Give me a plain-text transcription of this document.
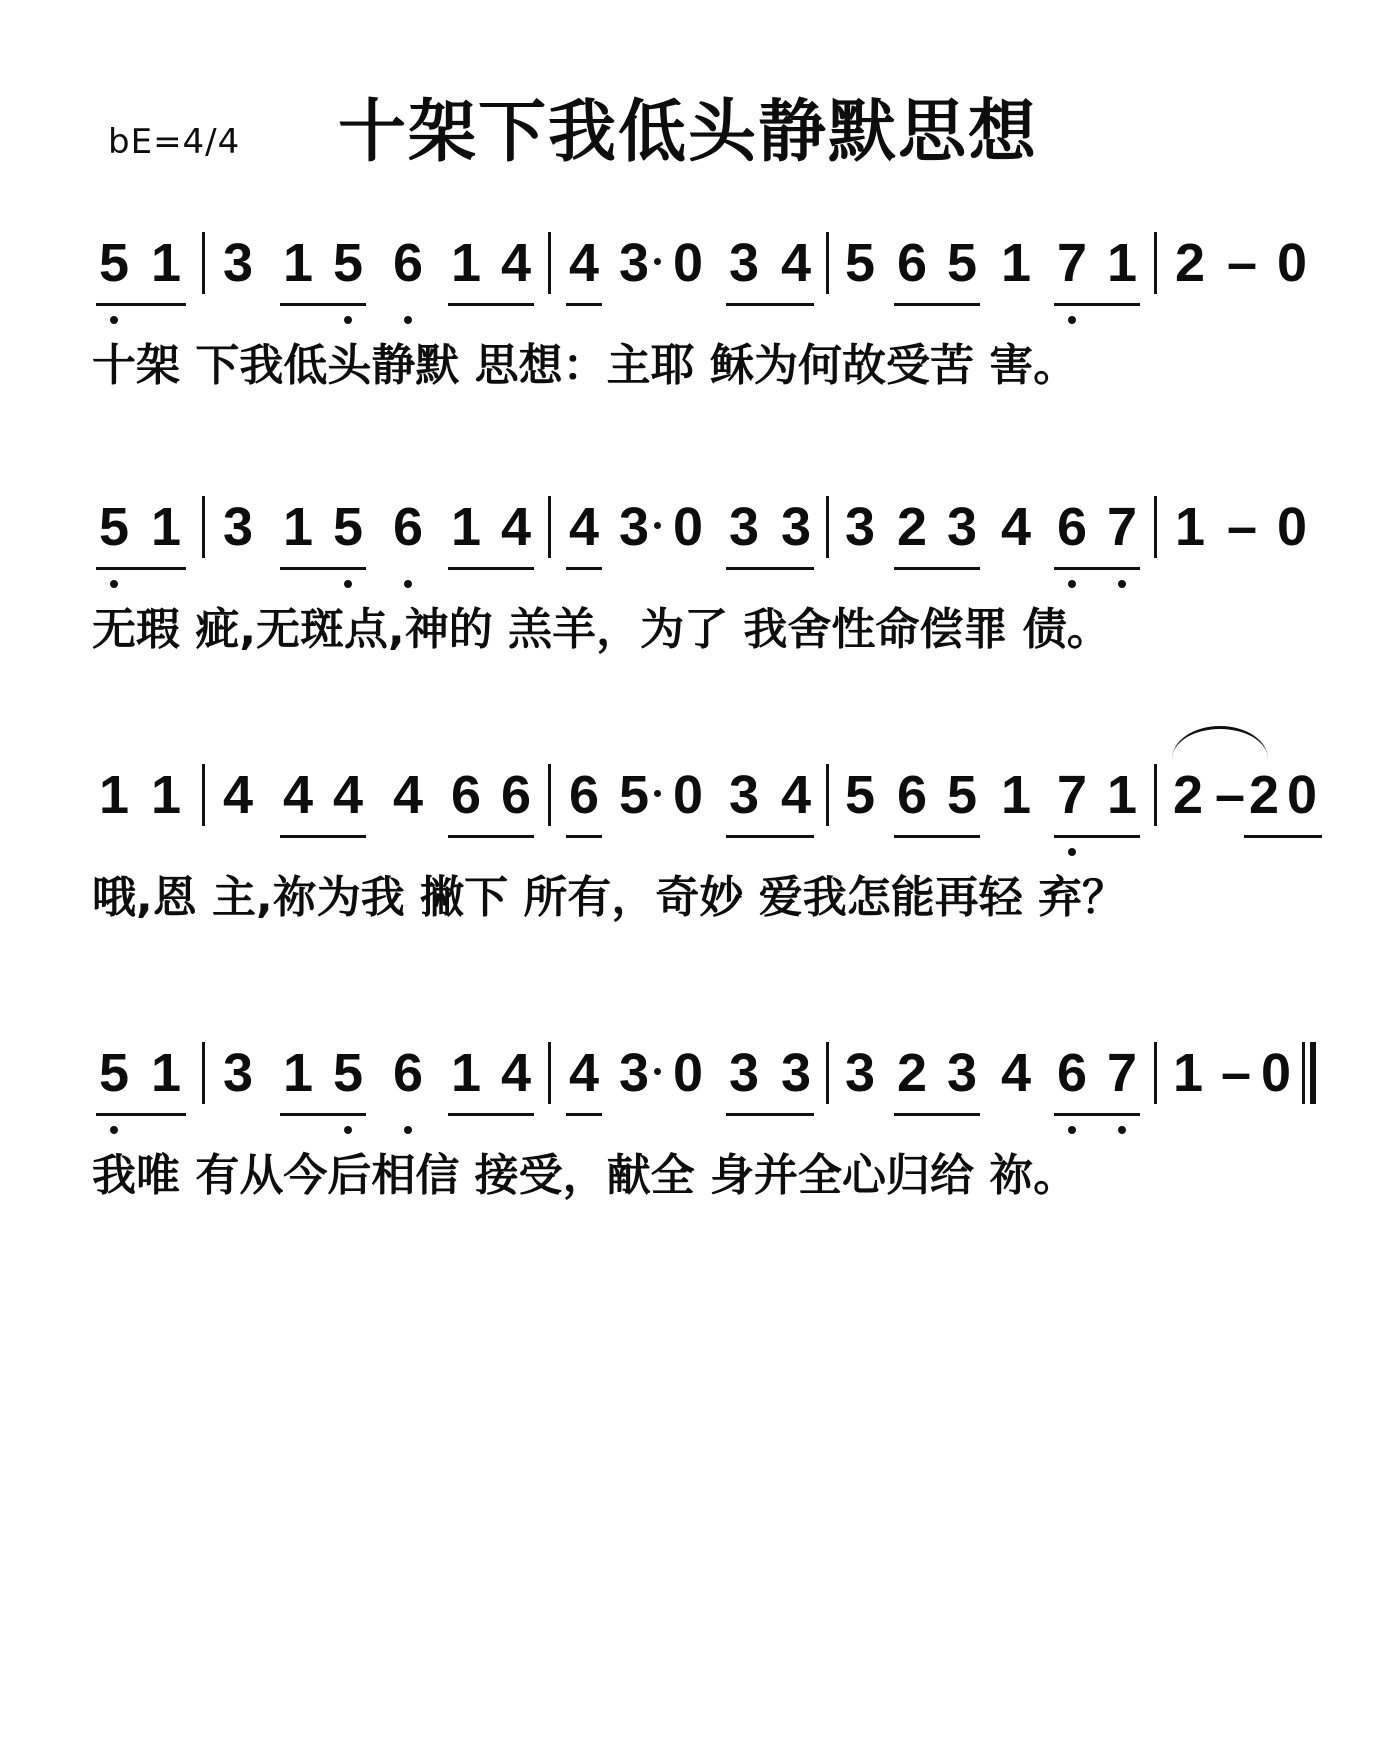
bE=4/4 十架下我低头静默思想
5 1 3 1 5 6 1 4 4 3 0 3 4 5 6 5 1 7 1 2 – 0
十架 下我低头静默 思想：主耶 稣为何故受苦 害。
5 1 3 1 5 6 1 4 4 3 0 3 3 3 2 3 4 6 7 1 – 0
无瑕 疵,无斑点,神的 羔羊，为了 我舍性命偿罪 债。
1 1 4 4 4 4 6 6 6 5 0 3 4 5 6 5 1 7 1 2 – 2 0
哦,恩 主,祢为我 撇下 所有，奇妙 爱我怎能再轻 弃？
5 1 3 1 5 6 1 4 4 3 0 3 3 3 2 3 4 6 7 1 – 0
我唯 有从今后相信 接受，献全 身并全心归给 祢。
